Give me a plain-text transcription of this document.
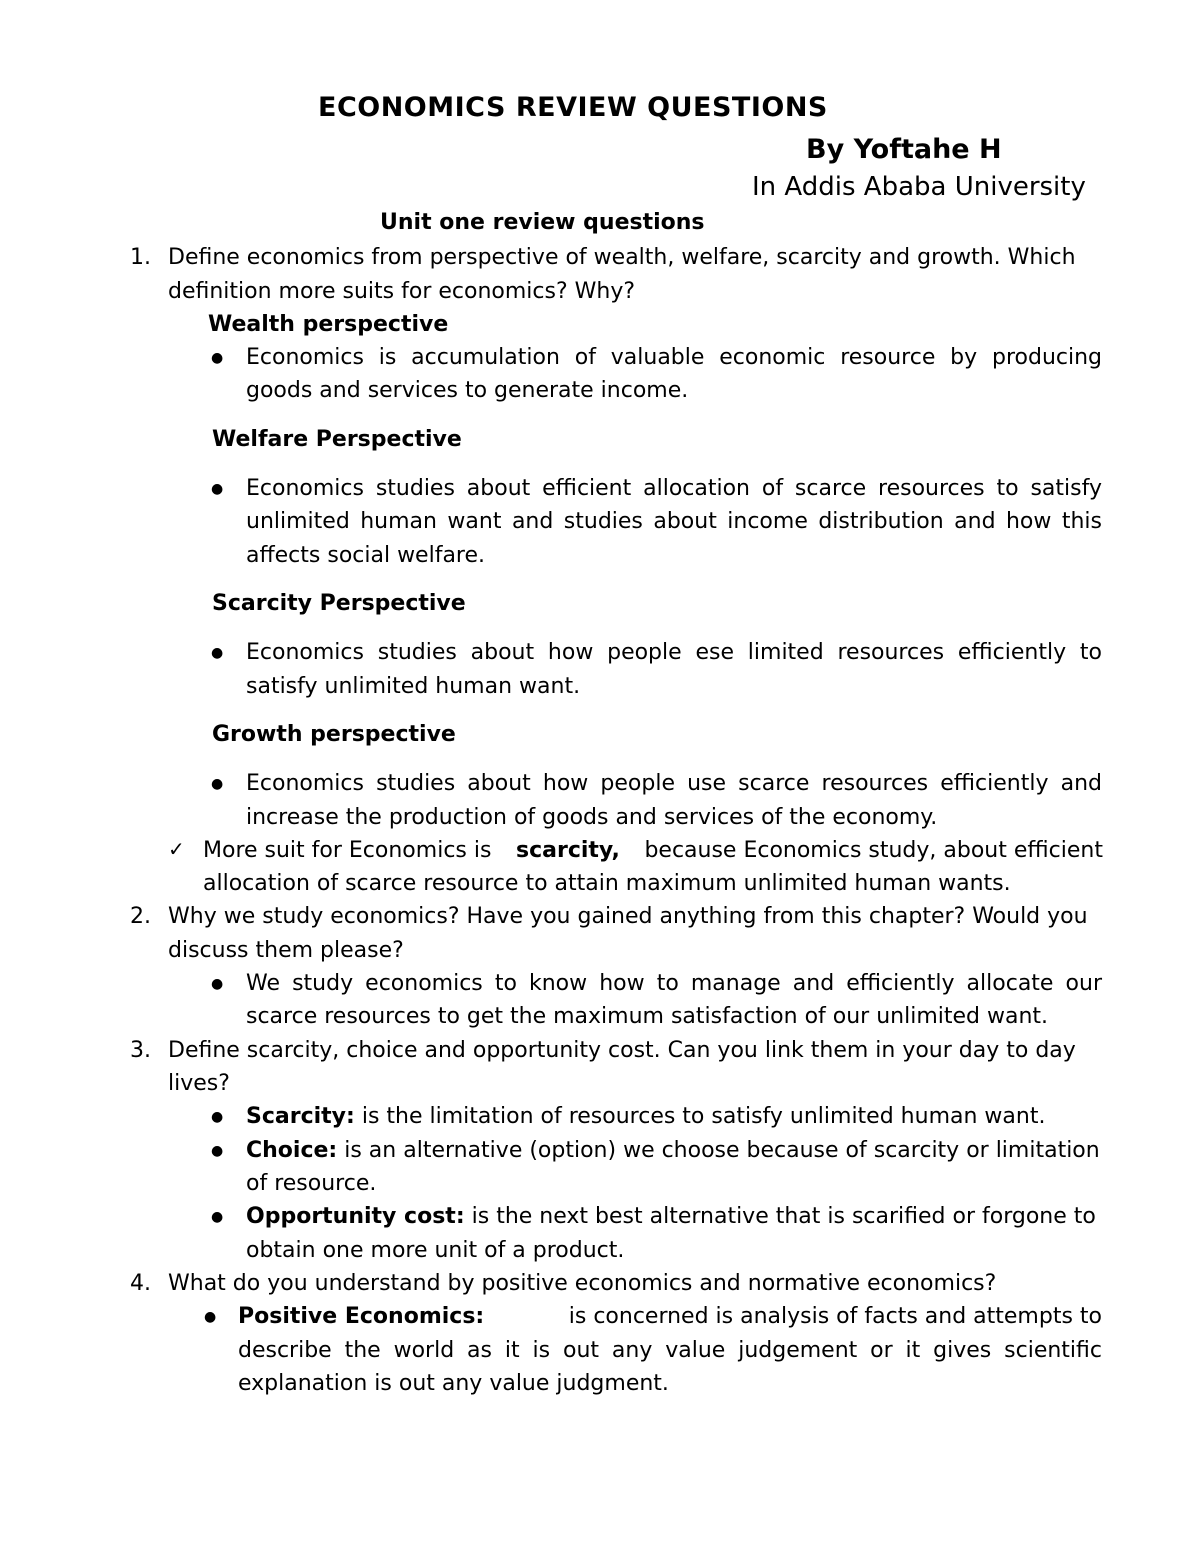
ECONOMICS REVIEW QUESTIONS
By Yoftahe H
In Addis Ababa University
Unit one review questions
1. Define economics from perspective of wealth, welfare, scarcity and growth. Which
definition more suits for economics? Why?
Wealth perspective
● Economics is accumulation of valuable economic resource by producing
goods and services to generate income.
Welfare Perspective
● Economics studies about efficient allocation of scarce resources to satisfy
unlimited human want and studies about income distribution and how this
affects social welfare.
Scarcity Perspective
● Economics studies about how people ese limited resources efficiently to
satisfy unlimited human want.
Growth perspective
● Economics studies about how people use scarce resources efficiently and
increase the production of goods and services of the economy.
✓ More suit for Economics is scarcity, because Economics study, about efficient
allocation of scarce resource to attain maximum unlimited human wants.
2. Why we study economics? Have you gained anything from this chapter? Would you
discuss them please?
● We study economics to know how to manage and efficiently allocate our
scarce resources to get the maximum satisfaction of our unlimited want.
3. Define scarcity, choice and opportunity cost. Can you link them in your day to day
lives?
● Scarcity: is the limitation of resources to satisfy unlimited human want.
● Choice: is an alternative (option) we choose because of scarcity or limitation
of resource.
● Opportunity cost: is the next best alternative that is scarified or forgone to
obtain one more unit of a product.
4. What do you understand by positive economics and normative economics?
● Positive Economics:	is concerned is analysis of facts and attempts to
describe the world as it is out any value judgement or it gives scientific
explanation is out any value judgment.
